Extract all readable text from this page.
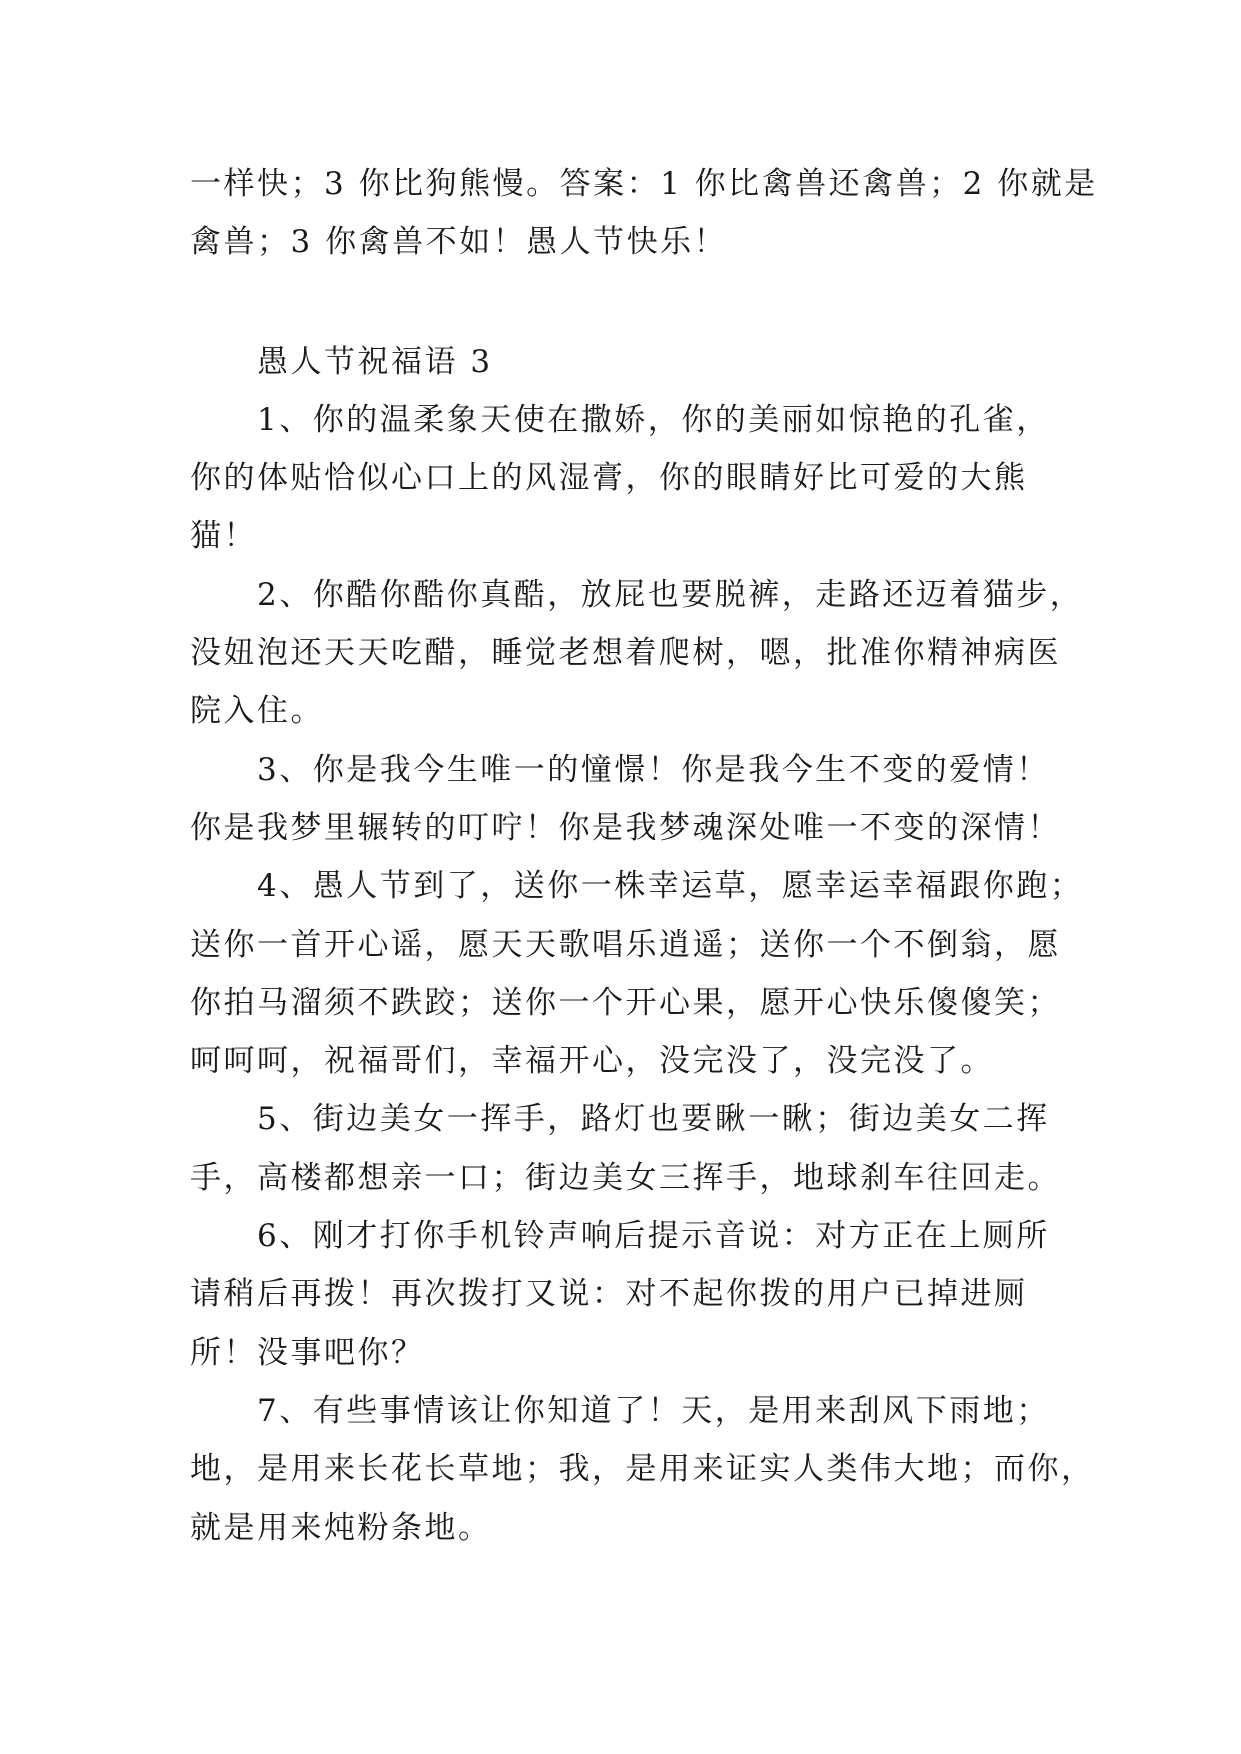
一样快；3 你比狗熊慢。答案：1 你比禽兽还禽兽；2 你就是
禽兽；3 你禽兽不如！愚人节快乐！
愚人节祝福语 3
1、你的温柔象天使在撒娇，你的美丽如惊艳的孔雀，
你的体贴恰似心口上的风湿膏，你的眼睛好比可爱的大熊
猫！
2、你酷你酷你真酷，放屁也要脱裤，走路还迈着猫步，
没妞泡还天天吃醋，睡觉老想着爬树，嗯，批准你精神病医
院入住。
3、你是我今生唯一的憧憬！你是我今生不变的爱情！
你是我梦里辗转的叮咛！你是我梦魂深处唯一不变的深情！
4、愚人节到了，送你一株幸运草，愿幸运幸福跟你跑；
送你一首开心谣，愿天天歌唱乐逍遥；送你一个不倒翁，愿
你拍马溜须不跌跤；送你一个开心果，愿开心快乐傻傻笑；
呵呵呵，祝福哥们，幸福开心，没完没了，没完没了。
5、街边美女一挥手，路灯也要瞅一瞅；街边美女二挥
手，高楼都想亲一口；街边美女三挥手，地球刹车往回走。
6、刚才打你手机铃声响后提示音说：对方正在上厕所
请稍后再拨！再次拨打又说：对不起你拨的用户已掉进厕
所！没事吧你？
7、有些事情该让你知道了！天，是用来刮风下雨地；
地，是用来长花长草地；我，是用来证实人类伟大地；而你，
就是用来炖粉条地。
